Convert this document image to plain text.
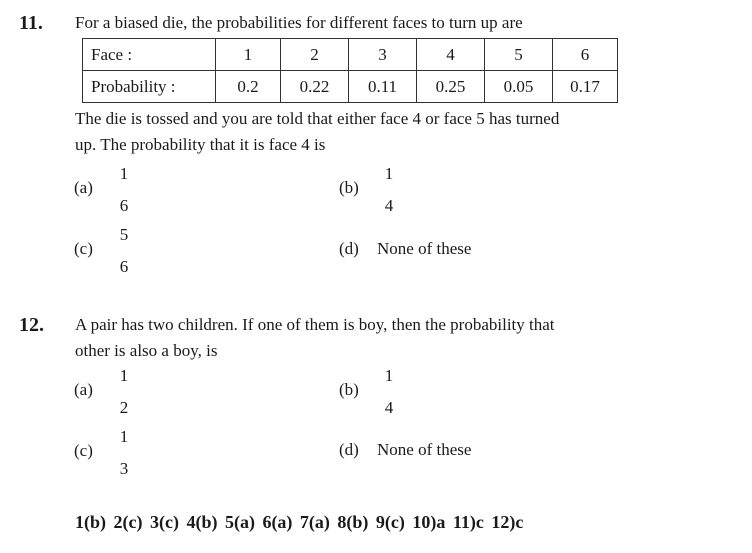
11. For a biased die, the probabilities for different faces to turn up are
Face :	1	2	3	4	5	6
Probability :	0.2	0.22	0.11	0.25	0.05	0.17
The die is tossed and you are told that either face 4 or face 5 has turned
up. The probability that it is face 4 is
(a)
1
6
(b)
1
4
(c)
5
6
(d) None of these
12. A pair has two children. If one of them is boy, then the probability that
other is also a boy, is
(a)
1
2
(b)
1
4
(c)
1
3
(d) None of these
1(b) 2(c) 3(c) 4(b) 5(a) 6(a) 7(a) 8(b) 9(c) 10)a 11)c 12)c
